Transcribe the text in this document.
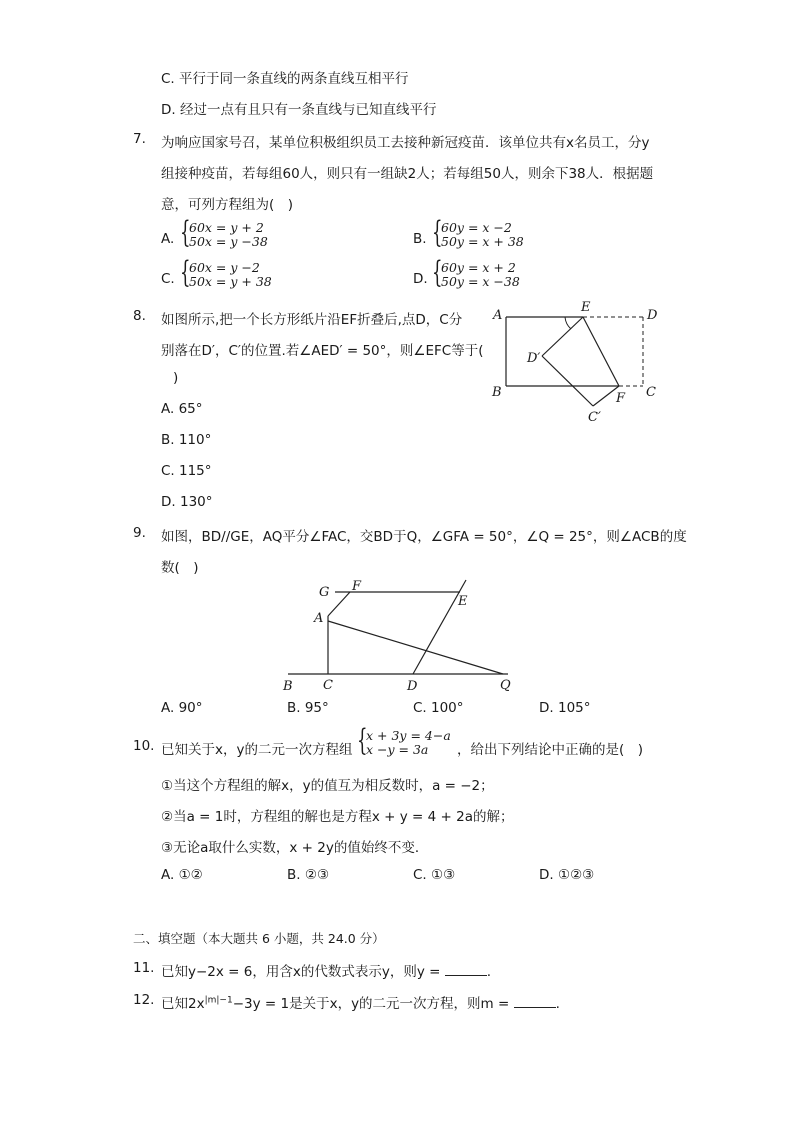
C. 平行于同一条直线的两条直线互相平行
D. 经过一点有且只有一条直线与已知直线平行
7. 为响应国家号召，某单位积极组织员工去接种新冠疫苗．该单位共有x名员工，分y
组接种疫苗，若每组60人，则只有一组缺2人；若每组50人，则余下38人．根据题
意，可列方程组为(　)
A. {
60x = y + 2
50x = y −38	B. {
60y = x −2
50y = x + 38
C. {
60x = y −2
50x = y + 38	D. {
60y = x + 2
50y = x −38
8. 如图所示,把一个长方形纸片沿EF折叠后,点D，C分
别落在D′，C′的位置.若∠AED′ = 50°，则∠EFC等于(
)
A. 65°
B. 110°
C. 115°
D. 130°
A
E
D
D′
B	F C
C′
9. 如图，BD//GE，AQ平分∠FAC，交BD于Q，∠GFA = 50°，∠Q = 25°，则∠ACB的度
数(　)
G F
E
A
B C	D	Q
A. 90°	B. 95°	C. 100°	D. 105°
10. 已知关于x，y的二元一次方程组 {
x + 3y = 4−a
x −y = 3a ，给出下列结论中正确的是(　)
①当这个方程组的解x，y的值互为相反数时，a = −2；
②当a = 1时，方程组的解也是方程x + y = 4 + 2a的解；
③无论a取什么实数，x + 2y的值始终不变．
A. ①②	B. ②③	C. ①③	D. ①②③
二、填空题（本大题共 6 小题，共 24.0 分）
11. 已知y−2x = 6，用含x的代数式表示y，则y =	.
12. 已知$2x^{|m|-1}-3y = 1$是关于x，y的二元一次方程，则m =	.
